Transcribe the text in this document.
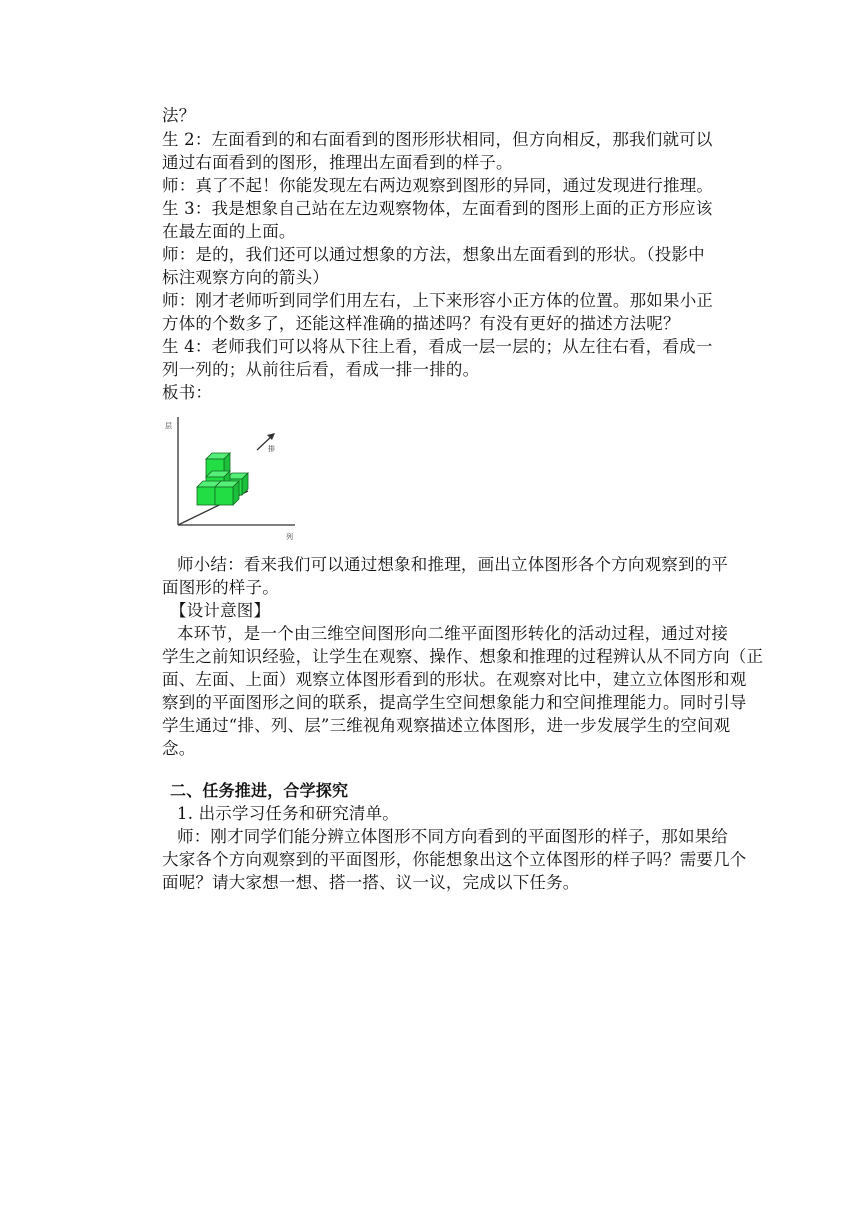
法？
生 2：左面看到的和右面看到的图形形状相同，但方向相反，那我们就可以
通过右面看到的图形，推理出左面看到的样子。
师：真了不起！你能发现左右两边观察到图形的异同，通过发现进行推理。
生 3：我是想象自己站在左边观察物体，左面看到的图形上面的正方形应该
在最左面的上面。
师：是的，我们还可以通过想象的方法，想象出左面看到的形状。（投影中
标注观察方向的箭头）
师：刚才老师听到同学们用左右，上下来形容小正方体的位置。那如果小正
方体的个数多了，还能这样准确的描述吗？有没有更好的描述方法呢？
生 4：老师我们可以将从下往上看，看成一层一层的；从左往右看，看成一
列一列的；从前往后看，看成一排一排的。
板书：
层
排
列
师小结：看来我们可以通过想象和推理，画出立体图形各个方向观察到的平
面图形的样子。
【设计意图】
本环节，是一个由三维空间图形向二维平面图形转化的活动过程，通过对接
学生之前知识经验，让学生在观察、操作、想象和推理的过程辨认从不同方向（正
面、左面、上面）观察立体图形看到的形状。在观察对比中，建立立体图形和观
察到的平面图形之间的联系，提高学生空间想象能力和空间推理能力。同时引导
学生通过“排、列、层”三维视角观察描述立体图形，进一步发展学生的空间观
念。
二、任务推进，合学探究
1. 出示学习任务和研究清单。
师：刚才同学们能分辨立体图形不同方向看到的平面图形的样子，那如果给
大家各个方向观察到的平面图形，你能想象出这个立体图形的样子吗？需要几个
面呢？请大家想一想、搭一搭、议一议，完成以下任务。
